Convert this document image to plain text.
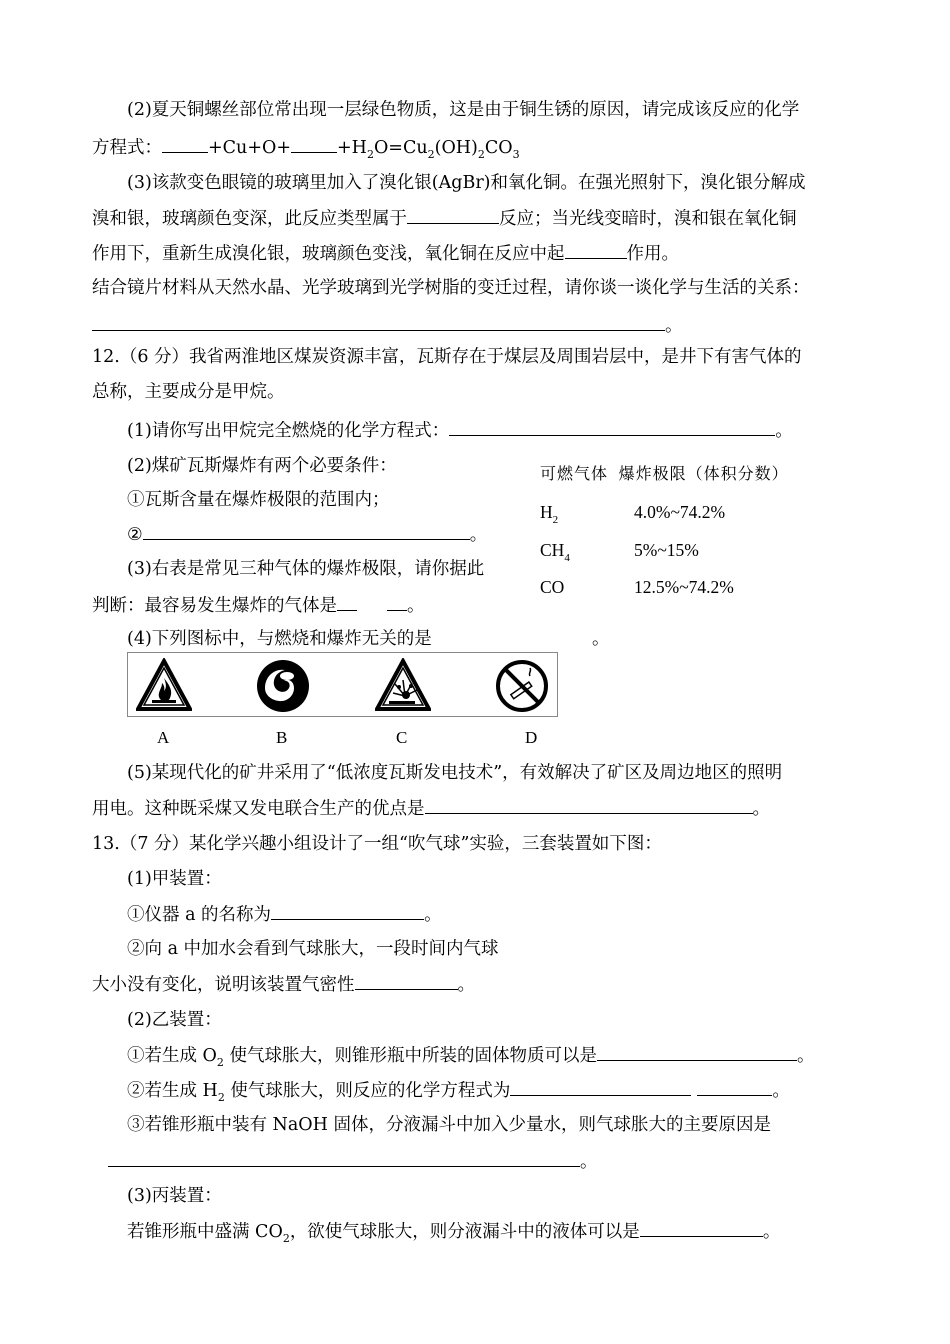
(2)夏天铜螺丝部位常出现一层绿色物质，这是由于铜生锈的原因，请完成该反应的化学
方程式：	+Cu+O+	$+H_2O=Cu_2(OH)_2CO_3$
(3)该款变色眼镜的玻璃里加入了溴化银(AgBr)和氧化铜。在强光照射下，溴化银分解成
溴和银，玻璃颜色变深，此反应类型属于	反应；当光线变暗时，溴和银在氧化铜
作用下，重新生成溴化银，玻璃颜色变浅，氧化铜在反应中起	作用。
结合镜片材料从天然水晶、光学玻璃到光学树脂的变迁过程，请你谈一谈化学与生活的关系：
。
12.（6 分）我省两淮地区煤炭资源丰富，瓦斯存在于煤层及周围岩层中，是井下有害气体的
总称，主要成分是甲烷。
(1)请你写出甲烷完全燃烧的化学方程式：	。
(2)煤矿瓦斯爆炸有两个必要条件：
①瓦斯含量在爆炸极限的范围内；
②	。
(3)右表是常见三种气体的爆炸极限，请你据此
判断：最容易发生爆炸的气体是	。
可燃气体 爆炸极限（体积分数）
$H_2$	4.0%~74.2%
$CH_4$	5%~15%
CO	12.5%~74.2%
(4)下列图标中，与燃烧和爆炸无关的是	。
A	B	C	D
(5)某现代化的矿井采用了“低浓度瓦斯发电技术”，有效解决了矿区及周边地区的照明
用电。这种既采煤又发电联合生产的优点是	。
13.（7 分）某化学兴趣小组设计了一组“吹气球”实验，三套装置如下图：
(1)甲装置：
①仪器 a 的名称为	。
②向 a 中加水会看到气球胀大，一段时间内气球
大小没有变化，说明该装置气密性	。
(2)乙装置：
①若生成 $O_2$ 使气球胀大，则锥形瓶中所装的固体物质可以是	。
②若生成 $H_2$ 使气球胀大，则反应的化学方程式为	。
③若锥形瓶中装有 NaOH 固体，分液漏斗中加入少量水，则气球胀大的主要原因是
。
(3)丙装置：
若锥形瓶中盛满 $CO_2$，欲使气球胀大，则分液漏斗中的液体可以是	。
